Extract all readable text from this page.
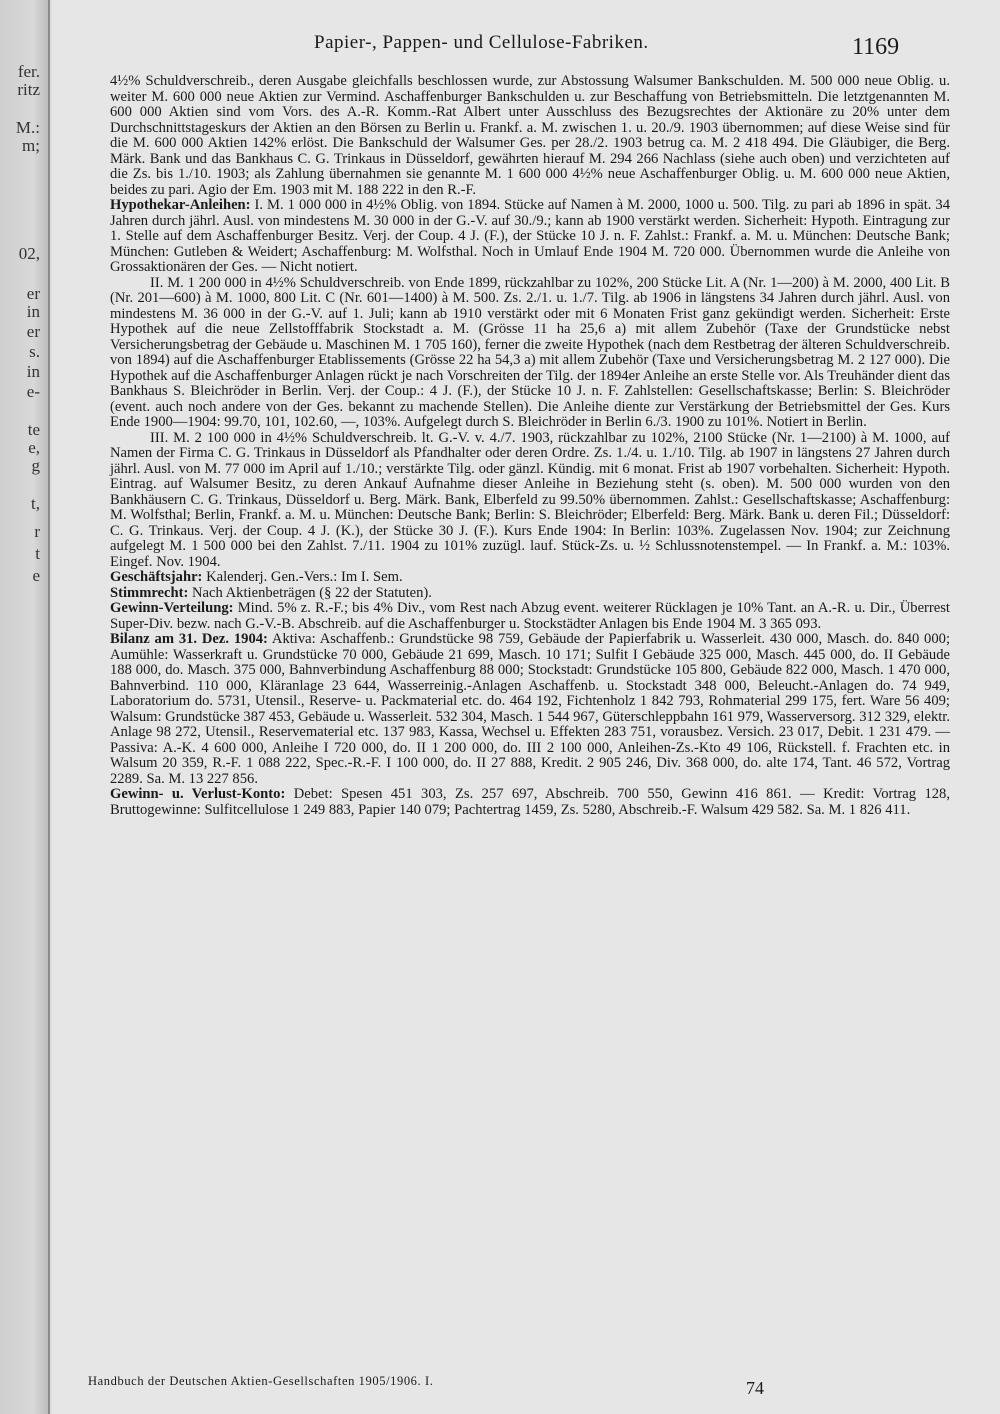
fer.
ritz
M.:
m;
02,
er
in
er
s.
in
e-
te
e,
g
t,
r
t
e
Papier-, Pappen- und Cellulose-Fabriken.	1169

4½% Schuldverschreib., deren Ausgabe gleichfalls beschlossen wurde, zur Abstossung Walsumer Bankschulden. M. 500 000 neue Oblig. u. weiter M. 600 000 neue Aktien zur Vermind. Aschaffenburger Bankschulden u. zur Beschaffung von Betriebsmitteln. Die letztgenannten M. 600 000 Aktien sind vom Vors. des A.-R. Komm.-Rat Albert unter Ausschluss des Bezugsrechtes der Aktionäre zu 20% unter dem Durchschnittstageskurs der Aktien an den Börsen zu Berlin u. Frankf. a. M. zwischen 1. u. 20./9. 1903 übernommen; auf diese Weise sind für die M. 600 000 Aktien 142% erlöst. Die Bankschuld der Walsumer Ges. per 28./2. 1903 betrug ca. M. 2 418 494. Die Gläubiger, die Berg. Märk. Bank und das Bankhaus C. G. Trinkaus in Düsseldorf, gewährten hierauf M. 294 266 Nachlass (siehe auch oben) und verzichteten auf die Zs. bis 1./10. 1903; als Zahlung übernahmen sie genannte M. 1 600 000 4½% neue Aschaffenburger Oblig. u. M. 600 000 neue Aktien, beides zu pari. Agio der Em. 1903 mit M. 188 222 in den R.-F.

Hypothekar-Anleihen: I. M. 1 000 000 in 4½% Oblig. von 1894. Stücke auf Namen à M. 2000, 1000 u. 500. Tilg. zu pari ab 1896 in spät. 34 Jahren durch jährl. Ausl. von mindestens M. 30 000 in der G.-V. auf 30./9.; kann ab 1900 verstärkt werden. Sicherheit: Hypoth. Eintragung zur 1. Stelle auf dem Aschaffenburger Besitz. Verj. der Coup. 4 J. (F.), der Stücke 10 J. n. F. Zahlst.: Frankf. a. M. u. München: Deutsche Bank; München: Gutleben & Weidert; Aschaffenburg: M. Wolfsthal. Noch in Umlauf Ende 1904 M. 720 000. Übernommen wurde die Anleihe von Grossaktionären der Ges. — Nicht notiert.

II. M. 1 200 000 in 4½% Schuldverschreib. von Ende 1899, rückzahlbar zu 102%, 200 Stücke Lit. A (Nr. 1—200) à M. 2000, 400 Lit. B (Nr. 201—600) à M. 1000, 800 Lit. C (Nr. 601—1400) à M. 500. Zs. 2./1. u. 1./7. Tilg. ab 1906 in längstens 34 Jahren durch jährl. Ausl. von mindestens M. 36 000 in der G.-V. auf 1. Juli; kann ab 1910 verstärkt oder mit 6 Monaten Frist ganz gekündigt werden. Sicherheit: Erste Hypothek auf die neue Zellstofffabrik Stockstadt a. M. (Grösse 11 ha 25,6 a) mit allem Zubehör (Taxe der Grundstücke nebst Versicherungsbetrag der Gebäude u. Maschinen M. 1 705 160), ferner die zweite Hypothek (nach dem Restbetrag der älteren Schuldverschreib. von 1894) auf die Aschaffenburger Etablissements (Grösse 22 ha 54,3 a) mit allem Zubehör (Taxe und Versicherungsbetrag M. 2 127 000). Die Hypothek auf die Aschaffenburger Anlagen rückt je nach Vorschreiten der Tilg. der 1894er Anleihe an erste Stelle vor. Als Treuhänder dient das Bankhaus S. Bleichröder in Berlin. Verj. der Coup.: 4 J. (F.), der Stücke 10 J. n. F. Zahlstellen: Gesellschaftskasse; Berlin: S. Bleichröder (event. auch noch andere von der Ges. bekannt zu machende Stellen). Die Anleihe diente zur Verstärkung der Betriebsmittel der Ges. Kurs Ende 1900—1904: 99.70, 101, 102.60, —, 103%. Aufgelegt durch S. Bleichröder in Berlin 6./3. 1900 zu 101%. Notiert in Berlin.

III. M. 2 100 000 in 4½% Schuldverschreib. lt. G.-V. v. 4./7. 1903, rückzahlbar zu 102%, 2100 Stücke (Nr. 1—2100) à M. 1000, auf Namen der Firma C. G. Trinkaus in Düsseldorf als Pfandhalter oder deren Ordre. Zs. 1./4. u. 1./10. Tilg. ab 1907 in längstens 27 Jahren durch jährl. Ausl. von M. 77 000 im April auf 1./10.; verstärkte Tilg. oder gänzl. Kündig. mit 6 monat. Frist ab 1907 vorbehalten. Sicherheit: Hypoth. Eintrag. auf Walsumer Besitz, zu deren Ankauf Aufnahme dieser Anleihe in Beziehung steht (s. oben). M. 500 000 wurden von den Bankhäusern C. G. Trinkaus, Düsseldorf u. Berg. Märk. Bank, Elberfeld zu 99.50% übernommen. Zahlst.: Gesellschaftskasse; Aschaffenburg: M. Wolfsthal; Berlin, Frankf. a. M. u. München: Deutsche Bank; Berlin: S. Bleichröder; Elberfeld: Berg. Märk. Bank u. deren Fil.; Düsseldorf: C. G. Trinkaus. Verj. der Coup. 4 J. (K.), der Stücke 30 J. (F.). Kurs Ende 1904: In Berlin: 103%. Zugelassen Nov. 1904; zur Zeichnung aufgelegt M. 1 500 000 bei den Zahlst. 7./11. 1904 zu 101% zuzügl. lauf. Stück-Zs. u. ½ Schlussnotenstempel. — In Frankf. a. M.: 103%. Eingef. Nov. 1904.

Geschäftsjahr: Kalenderj. Gen.-Vers.: Im I. Sem.

Stimmrecht: Nach Aktienbeträgen (§ 22 der Statuten).

Gewinn-Verteilung: Mind. 5% z. R.-F.; bis 4% Div., vom Rest nach Abzug event. weiterer Rücklagen je 10% Tant. an A.-R. u. Dir., Überrest Super-Div. bezw. nach G.-V.-B. Abschreib. auf die Aschaffenburger u. Stockstädter Anlagen bis Ende 1904 M. 3 365 093.

Bilanz am 31. Dez. 1904: Aktiva: Aschaffenb.: Grundstücke 98 759, Gebäude der Papierfabrik u. Wasserleit. 430 000, Masch. do. 840 000; Aumühle: Wasserkraft u. Grundstücke 70 000, Gebäude 21 699, Masch. 10 171; Sulfit I Gebäude 325 000, Masch. 445 000, do. II Gebäude 188 000, do. Masch. 375 000, Bahnverbindung Aschaffenburg 88 000; Stockstadt: Grundstücke 105 800, Gebäude 822 000, Masch. 1 470 000, Bahnverbind. 110 000, Kläranlage 23 644, Wasserreinig.-Anlagen Aschaffenb. u. Stockstadt 348 000, Beleucht.-Anlagen do. 74 949, Laboratorium do. 5731, Utensil., Reserve- u. Packmaterial etc. do. 464 192, Fichtenholz 1 842 793, Rohmaterial 299 175, fert. Ware 56 409; Walsum: Grundstücke 387 453, Gebäude u. Wasserleit. 532 304, Masch. 1 544 967, Güterschleppbahn 161 979, Wasserversorg. 312 329, elektr. Anlage 98 272, Utensil., Reservematerial etc. 137 983, Kassa, Wechsel u. Effekten 283 751, vorausbez. Versich. 23 017, Debit. 1 231 479. — Passiva: A.-K. 4 600 000, Anleihe I 720 000, do. II 1 200 000, do. III 2 100 000, Anleihen-Zs.-Kto 49 106, Rückstell. f. Frachten etc. in Walsum 20 359, R.-F. 1 088 222, Spec.-R.-F. I 100 000, do. II 27 888, Kredit. 2 905 246, Div. 368 000, do. alte 174, Tant. 46 572, Vortrag 2289. Sa. M. 13 227 856.

Gewinn- u. Verlust-Konto: Debet: Spesen 451 303, Zs. 257 697, Abschreib. 700 550, Gewinn 416 861. — Kredit: Vortrag 128, Bruttogewinne: Sulfitcellulose 1 249 883, Papier 140 079; Pachtertrag 1459, Zs. 5280, Abschreib.-F. Walsum 429 582. Sa. M. 1 826 411.

Handbuch der Deutschen Aktien-Gesellschaften 1905/1906. I.	74
